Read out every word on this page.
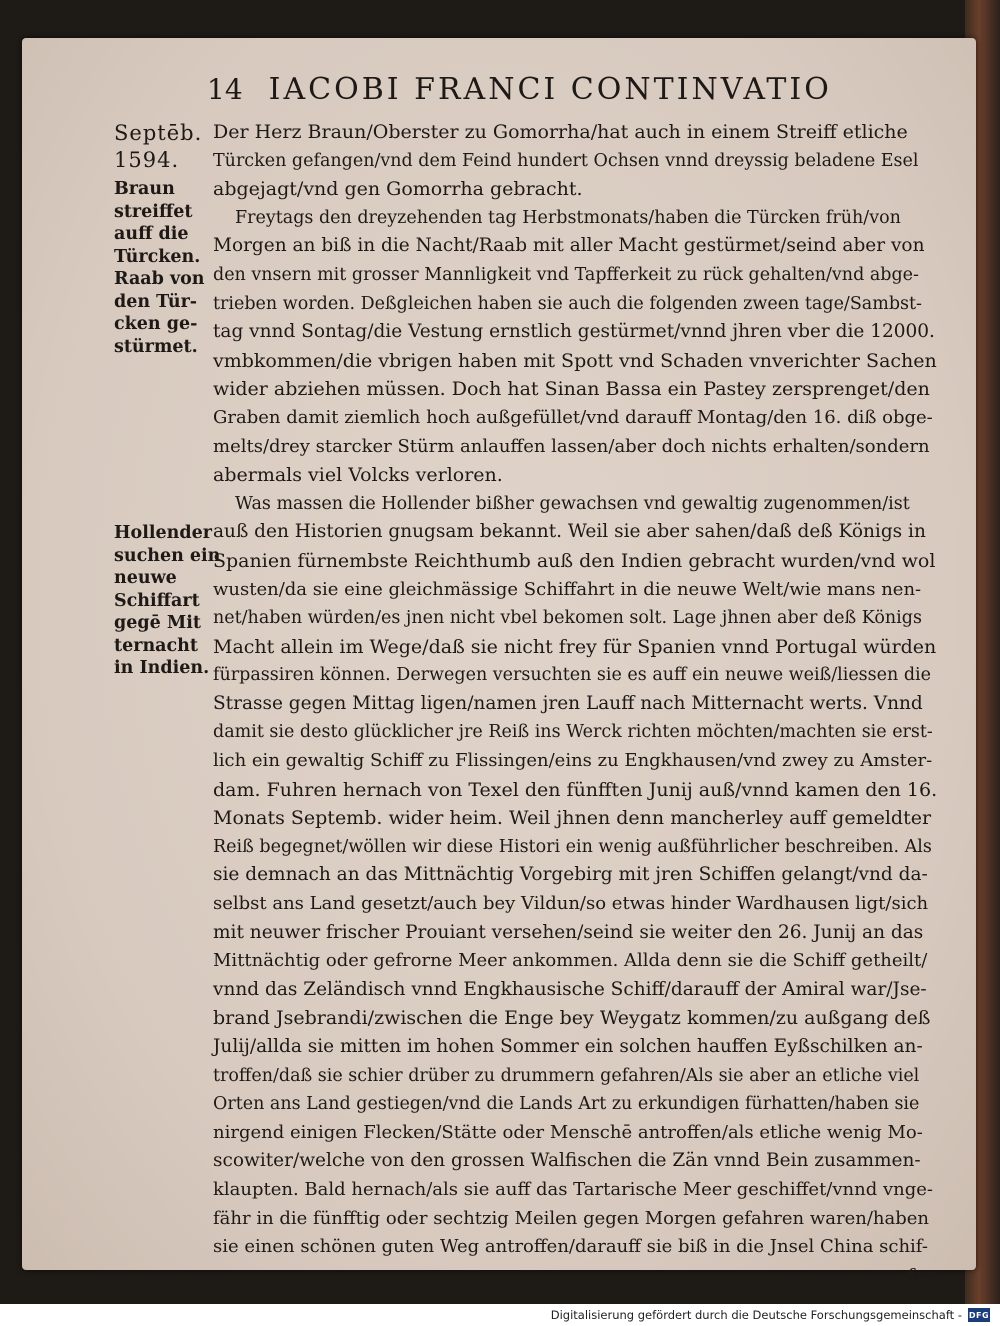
14 IACOBI FRANCI CONTINVATIO
Septēb.
1594.
Braun
streiffet
auff die
Türcken.
Raab von
den Tür-
cken ge-
stürmet.
Hollender
suchen ein
neuwe
Schiffart
gegē Mit
ternacht
in Indien.
Der Herz Braun/Oberster zu Gomorrha/hat auch in einem Streiff etliche
Türcken gefangen/vnd dem Feind hundert Ochsen vnnd dreyssig beladene Esel
abgejagt/vnd gen Gomorrha gebracht.
Freytags den dreyzehenden tag Herbstmonats/haben die Türcken früh/von
Morgen an biß in die Nacht/Raab mit aller Macht gestürmet/seind aber von
den vnsern mit grosser Mannligkeit vnd Tapfferkeit zu rück gehalten/vnd abge-
trieben worden. Deßgleichen haben sie auch die folgenden zween tage/Sambst-
tag vnnd Sontag/die Vestung ernstlich gestürmet/vnnd jhren vber die 12000.
vmbkommen/die vbrigen haben mit Spott vnd Schaden vnverichter Sachen
wider abziehen müssen. Doch hat Sinan Bassa ein Pastey zersprenget/den
Graben damit ziemlich hoch außgefüllet/vnd darauff Montag/den 16. diß obge-
melts/drey starcker Stürm anlauffen lassen/aber doch nichts erhalten/sondern
abermals viel Volcks verloren.
Was massen die Hollender bißher gewachsen vnd gewaltig zugenommen/ist
auß den Historien gnugsam bekannt. Weil sie aber sahen/daß deß Königs in
Spanien fürnembste Reichthumb auß den Indien gebracht wurden/vnd wol
wusten/da sie eine gleichmässige Schiffahrt in die neuwe Welt/wie mans nen-
net/haben würden/es jnen nicht vbel bekomen solt. Lage jhnen aber deß Königs
Macht allein im Wege/daß sie nicht frey für Spanien vnnd Portugal würden
fürpassiren können. Derwegen versuchten sie es auff ein neuwe weiß/liessen die
Strasse gegen Mittag ligen/namen jren Lauff nach Mitternacht werts. Vnnd
damit sie desto glücklicher jre Reiß ins Werck richten möchten/machten sie erst-
lich ein gewaltig Schiff zu Flissingen/eins zu Engkhausen/vnd zwey zu Amster-
dam. Fuhren hernach von Texel den fünfften Junij auß/vnnd kamen den 16.
Monats Septemb. wider heim. Weil jhnen denn mancherley auff gemeldter
Reiß begegnet/wöllen wir diese Histori ein wenig außführlicher beschreiben. Als
sie demnach an das Mittnächtig Vorgebirg mit jren Schiffen gelangt/vnd da-
selbst ans Land gesetzt/auch bey Vildun/so etwas hinder Wardhausen ligt/sich
mit neuwer frischer Prouiant versehen/seind sie weiter den 26. Junij an das
Mittnächtig oder gefrorne Meer ankommen. Allda denn sie die Schiff getheilt/
vnnd das Zeländisch vnnd Engkhausische Schiff/darauff der Amiral war/Jse-
brand Jsebrandi/zwischen die Enge bey Weygatz kommen/zu außgang deß
Julij/allda sie mitten im hohen Sommer ein solchen hauffen Eyßschilken an-
troffen/daß sie schier drüber zu drummern gefahren/Als sie aber an etliche viel
Orten ans Land gestiegen/vnd die Lands Art zu erkundigen fürhatten/haben sie
nirgend einigen Flecken/Stätte oder Menschē antroffen/als etliche wenig Mo-
scowiter/welche von den grossen Walfischen die Zän vnnd Bein zusammen-
klaupten. Bald hernach/als sie auff das Tartarische Meer geschiffet/vnnd vnge-
fähr in die fünfftig oder sechtzig Meilen gegen Morgen gefahren waren/haben
sie einen schönen guten Weg antroffen/darauff sie biß in die Jnsel China schif-
fen
Digitalisierung gefördert durch die Deutsche Forschungsgemeinschaft - DFG
